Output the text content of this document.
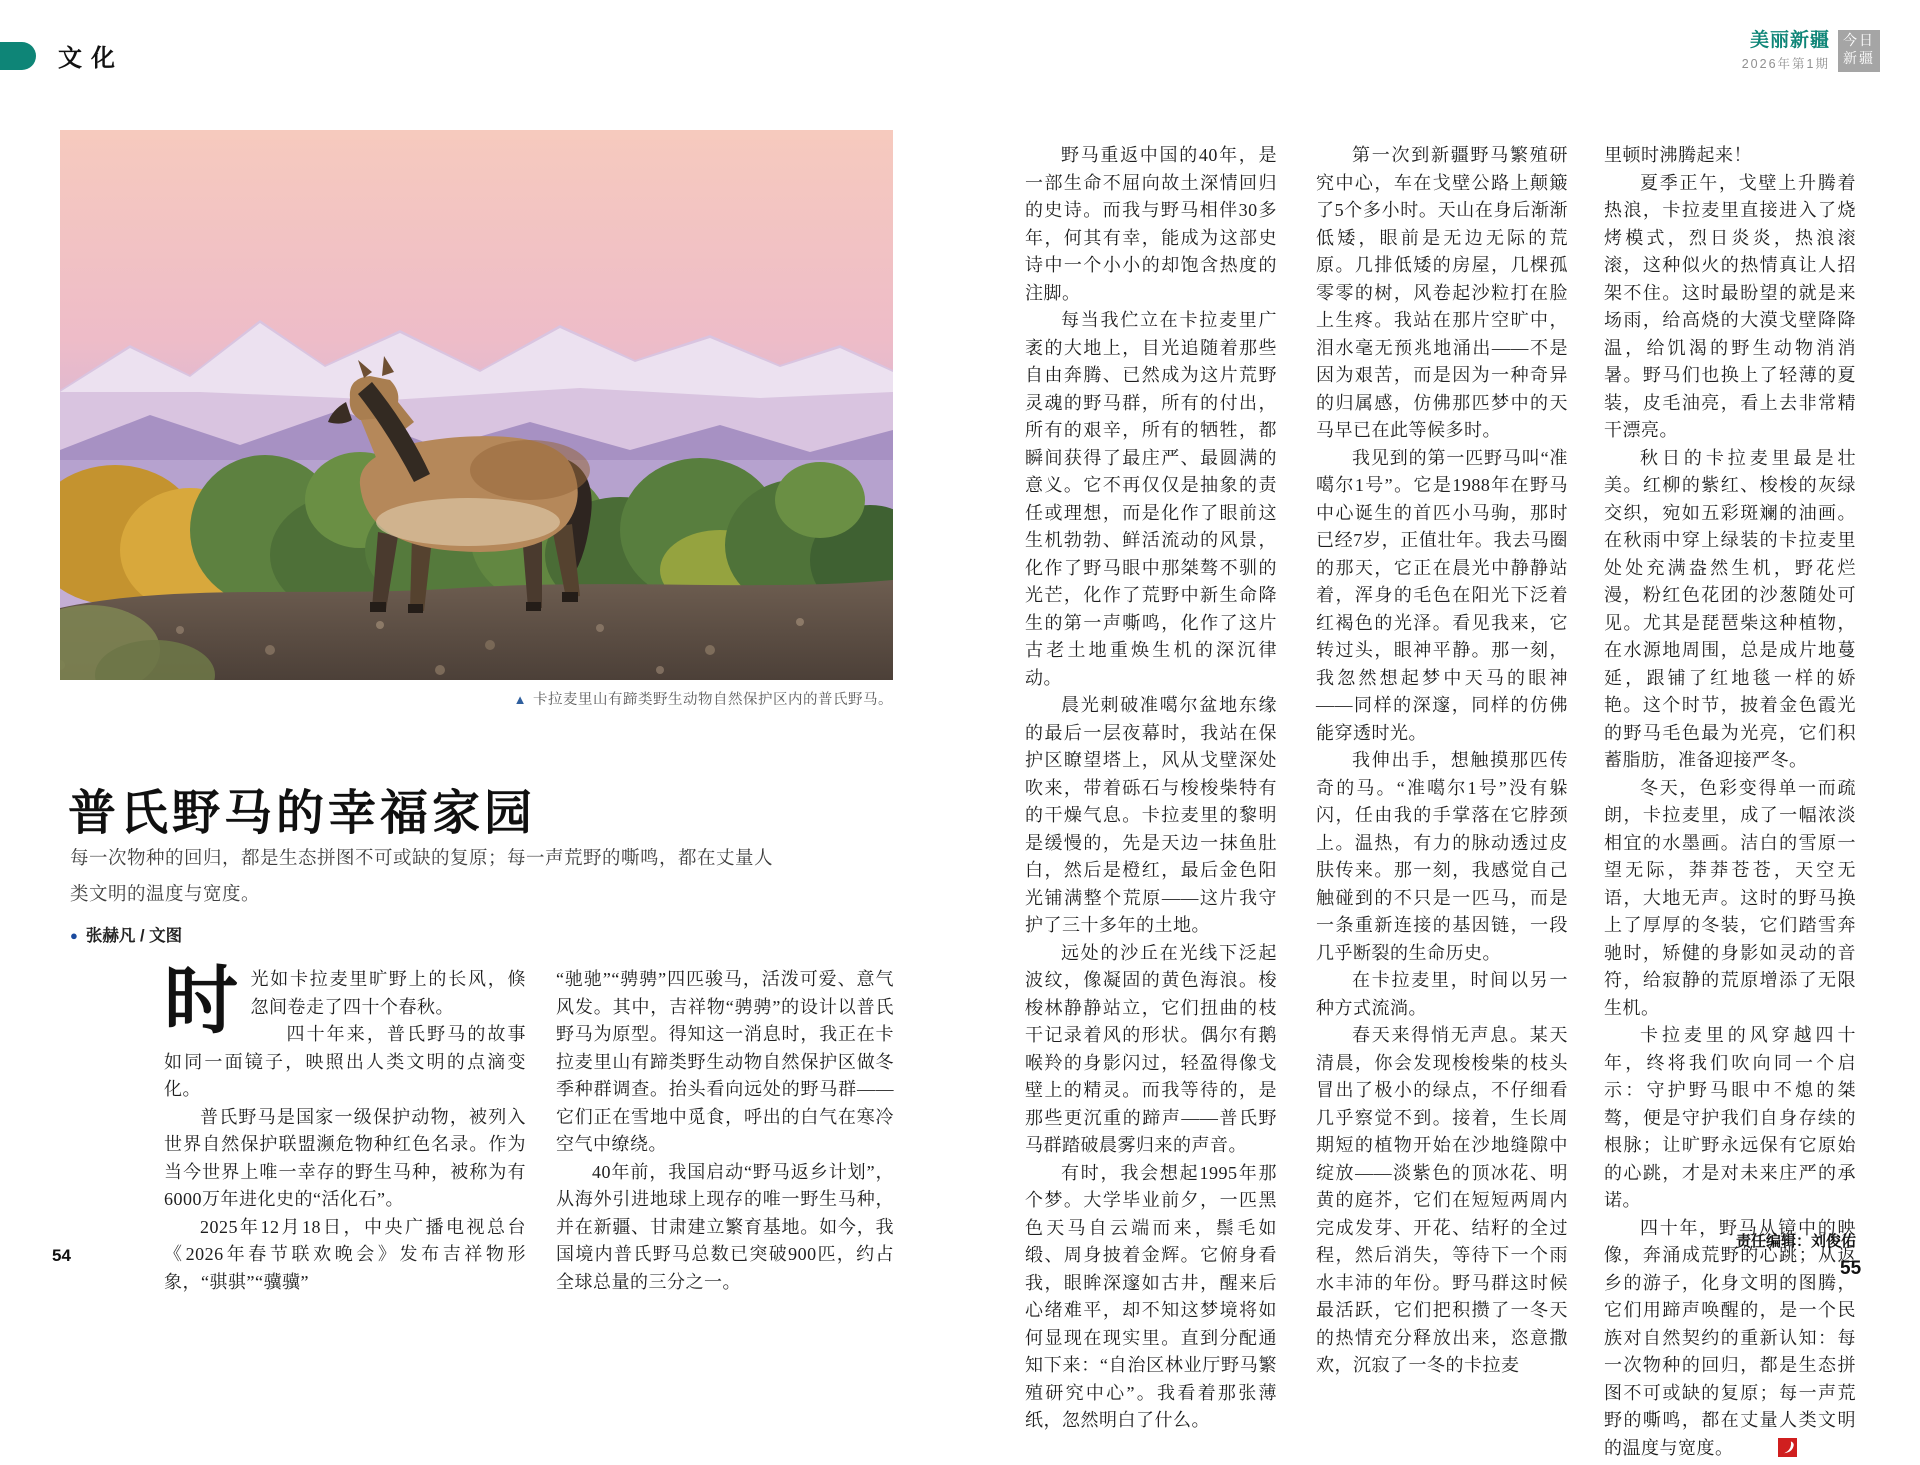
文化
美丽新疆
2026年第1期
今日
新疆
▲ 卡拉麦里山有蹄类野生动物自然保护区内的普氏野马。
普氏野马的幸福家园
每一次物种的回归，都是生态拼图不可或缺的复原；每一声荒野的嘶鸣，都在丈量人类文明的温度与宽度。
● 张赫凡 / 文图

时光如卡拉麦里旷野上的长风，倏忽间卷走了四十个春秋。

四十年来，普氏野马的故事如同一面镜子，映照出人类文明的点滴变化。

普氏野马是国家一级保护动物，被列入世界自然保护联盟濒危物种红色名录。作为当今世界上唯一幸存的野生马种，被称为有6000万年进化史的“活化石”。

2025年12月18日，中央广播电视总台《2026年春节联欢晚会》发布吉祥物形象，“骐骐”“骥骥”

“驰驰”“骋骋”四匹骏马，活泼可爱、意气风发。其中，吉祥物“骋骋”的设计以普氏野马为原型。得知这一消息时，我正在卡拉麦里山有蹄类野生动物自然保护区做冬季种群调查。抬头看向远处的野马群——它们正在雪地中觅食，呼出的白气在寒冷空气中缭绕。

40年前，我国启动“野马返乡计划”，从海外引进地球上现存的唯一野生马种，并在新疆、甘肃建立繁育基地。如今，我国境内普氏野马总数已突破900匹，约占全球总量的三分之一。

野马重返中国的40年，是一部生命不屈向故土深情回归的史诗。而我与野马相伴30多年，何其有幸，能成为这部史诗中一个小小的却饱含热度的注脚。

每当我伫立在卡拉麦里广袤的大地上，目光追随着那些自由奔腾、已然成为这片荒野灵魂的野马群，所有的付出，所有的艰辛，所有的牺牲，都瞬间获得了最庄严、最圆满的意义。它不再仅仅是抽象的责任或理想，而是化作了眼前这生机勃勃、鲜活流动的风景，化作了野马眼中那桀骜不驯的光芒，化作了荒野中新生命降生的第一声嘶鸣，化作了这片古老土地重焕生机的深沉律动。

晨光刺破准噶尔盆地东缘的最后一层夜幕时，我站在保护区瞭望塔上，风从戈壁深处吹来，带着砾石与梭梭柴特有的干燥气息。卡拉麦里的黎明是缓慢的，先是天边一抹鱼肚白，然后是橙红，最后金色阳光铺满整个荒原——这片我守护了三十多年的土地。

远处的沙丘在光线下泛起波纹，像凝固的黄色海浪。梭梭林静静站立，它们扭曲的枝干记录着风的形状。偶尔有鹅喉羚的身影闪过，轻盈得像戈壁上的精灵。而我等待的，是那些更沉重的蹄声——普氏野马群踏破晨雾归来的声音。

有时，我会想起1995年那个梦。大学毕业前夕，一匹黑色天马自云端而来，鬃毛如缎、周身披着金辉。它俯身看我，眼眸深邃如古井，醒来后心绪难平，却不知这梦境将如何显现在现实里。直到分配通知下来：“自治区林业厅野马繁殖研究中心”。我看着那张薄纸，忽然明白了什么。

第一次到新疆野马繁殖研究中心，车在戈壁公路上颠簸了5个多小时。天山在身后渐渐低矮，眼前是无边无际的荒原。几排低矮的房屋，几棵孤零零的树，风卷起沙粒打在脸上生疼。我站在那片空旷中，泪水毫无预兆地涌出——不是因为艰苦，而是因为一种奇异的归属感，仿佛那匹梦中的天马早已在此等候多时。

我见到的第一匹野马叫“准噶尔1号”。它是1988年在野马中心诞生的首匹小马驹，那时已经7岁，正值壮年。我去马圈的那天，它正在晨光中静静站着，浑身的毛色在阳光下泛着红褐色的光泽。看见我来，它转过头，眼神平静。那一刻，我忽然想起梦中天马的眼神——同样的深邃，同样的仿佛能穿透时光。

我伸出手，想触摸那匹传奇的马。“准噶尔1号”没有躲闪，任由我的手掌落在它脖颈上。温热，有力的脉动透过皮肤传来。那一刻，我感觉自己触碰到的不只是一匹马，而是一条重新连接的基因链，一段几乎断裂的生命历史。

在卡拉麦里，时间以另一种方式流淌。

春天来得悄无声息。某天清晨，你会发现梭梭柴的枝头冒出了极小的绿点，不仔细看几乎察觉不到。接着，生长周期短的植物开始在沙地缝隙中绽放——淡紫色的顶冰花、明黄的庭芥，它们在短短两周内完成发芽、开花、结籽的全过程，然后消失，等待下一个雨水丰沛的年份。野马群这时候最活跃，它们把积攒了一冬天的热情充分释放出来，恣意撒欢，沉寂了一冬的卡拉麦

里顿时沸腾起来！

夏季正午，戈壁上升腾着热浪，卡拉麦里直接进入了烧烤模式，烈日炎炎，热浪滚滚，这种似火的热情真让人招架不住。这时最盼望的就是来场雨，给高烧的大漠戈壁降降温，给饥渴的野生动物消消暑。野马们也换上了轻薄的夏装，皮毛油亮，看上去非常精干漂亮。

秋日的卡拉麦里最是壮美。红柳的紫红、梭梭的灰绿交织，宛如五彩斑斓的油画。在秋雨中穿上绿装的卡拉麦里处处充满盎然生机，野花烂漫，粉红色花团的沙葱随处可见。尤其是琵琶柴这种植物，在水源地周围，总是成片地蔓延，跟铺了红地毯一样的娇艳。这个时节，披着金色霞光的野马毛色最为光亮，它们积蓄脂肪，准备迎接严冬。

冬天，色彩变得单一而疏朗，卡拉麦里，成了一幅浓淡相宜的水墨画。洁白的雪原一望无际，莽莽苍苍，天空无语，大地无声。这时的野马换上了厚厚的冬装，它们踏雪奔驰时，矫健的身影如灵动的音符，给寂静的荒原增添了无限生机。

卡拉麦里的风穿越四十年，终将我们吹向同一个启示：守护野马眼中不熄的桀骜，便是守护我们自身存续的根脉；让旷野永远保有它原始的心跳，才是对未来庄严的承诺。

四十年，野马从镜中的映像，奔涌成荒野的心跳；从返乡的游子，化身文明的图腾，它们用蹄声唤醒的，是一个民族对自然契约的重新认知：每一次物种的回归，都是生态拼图不可或缺的复原；每一声荒野的嘶鸣，都在丈量人类文明的温度与宽度。

责任编辑：刘俊佑
54
55
